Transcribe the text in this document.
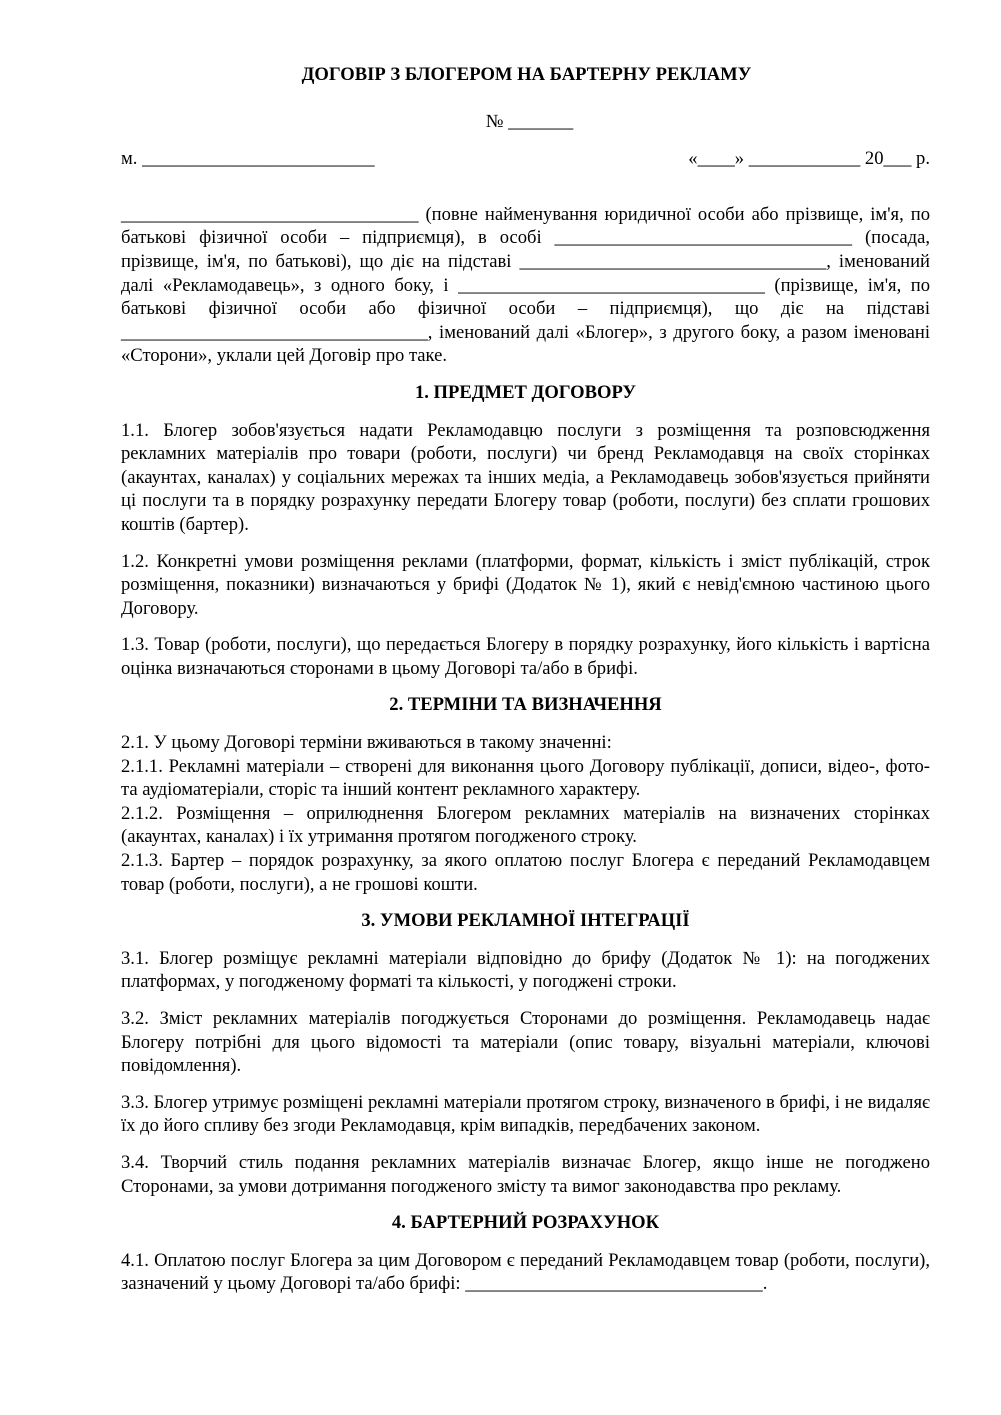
ДОГОВІР З БЛОГЕРОМ НА БАРТЕРНУ РЕКЛАМУ
№ _______
м. _________________________	«____» ____________ 20___ р.

________________________________ (повне найменування юридичної особи або прізвище, ім'я, по батькові фізичної особи – підприємця), в особі ________________________________ (посада, прізвище, ім'я, по батькові), що діє на підставі _________________________________, іменований далі «Рекламодавець», з одного боку, і _________________________________ (прізвище, ім'я, по батькові фізичної особи або фізичної особи – підприємця), що діє на підставі _________________________________, іменований далі «Блогер», з другого боку, а разом іменовані «Сторони», уклали цей Договір про таке.

1. ПРЕДМЕТ ДОГОВОРУ

1.1. Блогер зобов'язується надати Рекламодавцю послуги з розміщення та розповсюдження рекламних матеріалів про товари (роботи, послуги) чи бренд Рекламодавця на своїх сторінках (акаунтах, каналах) у соціальних мережах та інших медіа, а Рекламодавець зобов'язується прийняти ці послуги та в порядку розрахунку передати Блогеру товар (роботи, послуги) без сплати грошових коштів (бартер).

1.2. Конкретні умови розміщення реклами (платформи, формат, кількість і зміст публікацій, строк розміщення, показники) визначаються у брифі (Додаток № 1), який є невід'ємною частиною цього Договору.

1.3. Товар (роботи, послуги), що передається Блогеру в порядку розрахунку, його кількість і вартісна оцінка визначаються сторонами в цьому Договорі та/або в брифі.

2. ТЕРМІНИ ТА ВИЗНАЧЕННЯ

2.1. У цьому Договорі терміни вживаються в такому значенні:

2.1.1. Рекламні матеріали – створені для виконання цього Договору публікації, дописи, відео-, фото- та аудіоматеріали, сторіс та інший контент рекламного характеру.

2.1.2. Розміщення – оприлюднення Блогером рекламних матеріалів на визначених сторінках (акаунтах, каналах) і їх утримання протягом погодженого строку.

2.1.3. Бартер – порядок розрахунку, за якого оплатою послуг Блогера є переданий Рекламодавцем товар (роботи, послуги), а не грошові кошти.

3. УМОВИ РЕКЛАМНОЇ ІНТЕГРАЦІЇ

3.1. Блогер розміщує рекламні матеріали відповідно до брифу (Додаток № 1): на погоджених платформах, у погодженому форматі та кількості, у погоджені строки.

3.2. Зміст рекламних матеріалів погоджується Сторонами до розміщення. Рекламодавець надає Блогеру потрібні для цього відомості та матеріали (опис товару, візуальні матеріали, ключові повідомлення).

3.3. Блогер утримує розміщені рекламні матеріали протягом строку, визначеного в брифі, і не видаляє їх до його спливу без згоди Рекламодавця, крім випадків, передбачених законом.

3.4. Творчий стиль подання рекламних матеріалів визначає Блогер, якщо інше не погоджено Сторонами, за умови дотримання погодженого змісту та вимог законодавства про рекламу.

4. БАРТЕРНИЙ РОЗРАХУНОК

4.1. Оплатою послуг Блогера за цим Договором є переданий Рекламодавцем товар (роботи, послуги), зазначений у цьому Договорі та/або брифі: ________________________________.
